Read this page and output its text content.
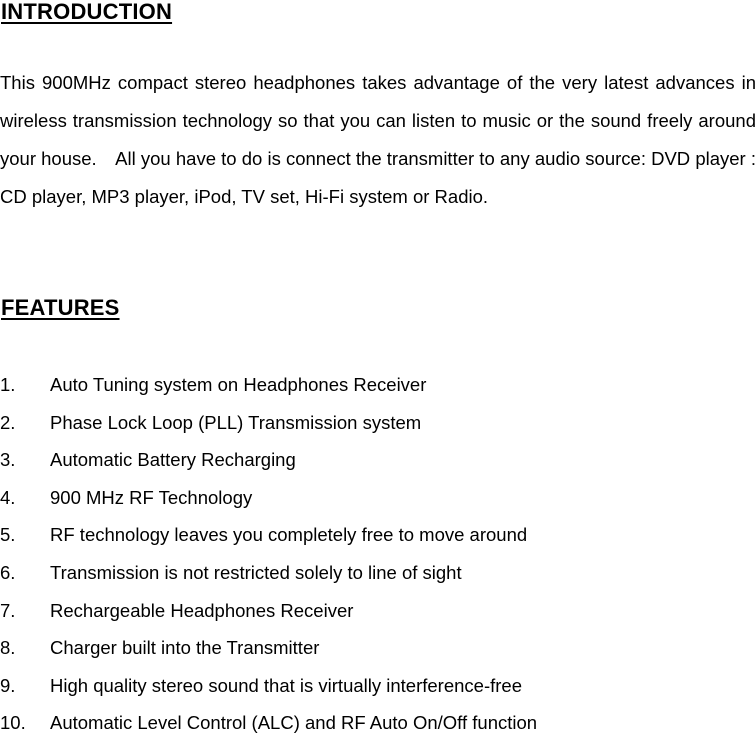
INTRODUCTION

This 900MHz compact stereo headphones takes advantage of the very latest advances in wireless transmission technology so that you can listen to music or the sound freely around your house. All you have to do is connect the transmitter to any audio source: DVD player : CD player, MP3 player, iPod, TV set, Hi-Fi system or Radio.

FEATURES
1.	Auto Tuning system on Headphones Receiver
2.	Phase Lock Loop (PLL) Transmission system
3.	Automatic Battery Recharging
4.	900 MHz RF Technology
5.	RF technology leaves you completely free to move around
6.	Transmission is not restricted solely to line of sight
7.	Rechargeable Headphones Receiver
8.	Charger built into the Transmitter
9.	High quality stereo sound that is virtually interference-free
10.	Automatic Level Control (ALC) and RF Auto On/Off function
